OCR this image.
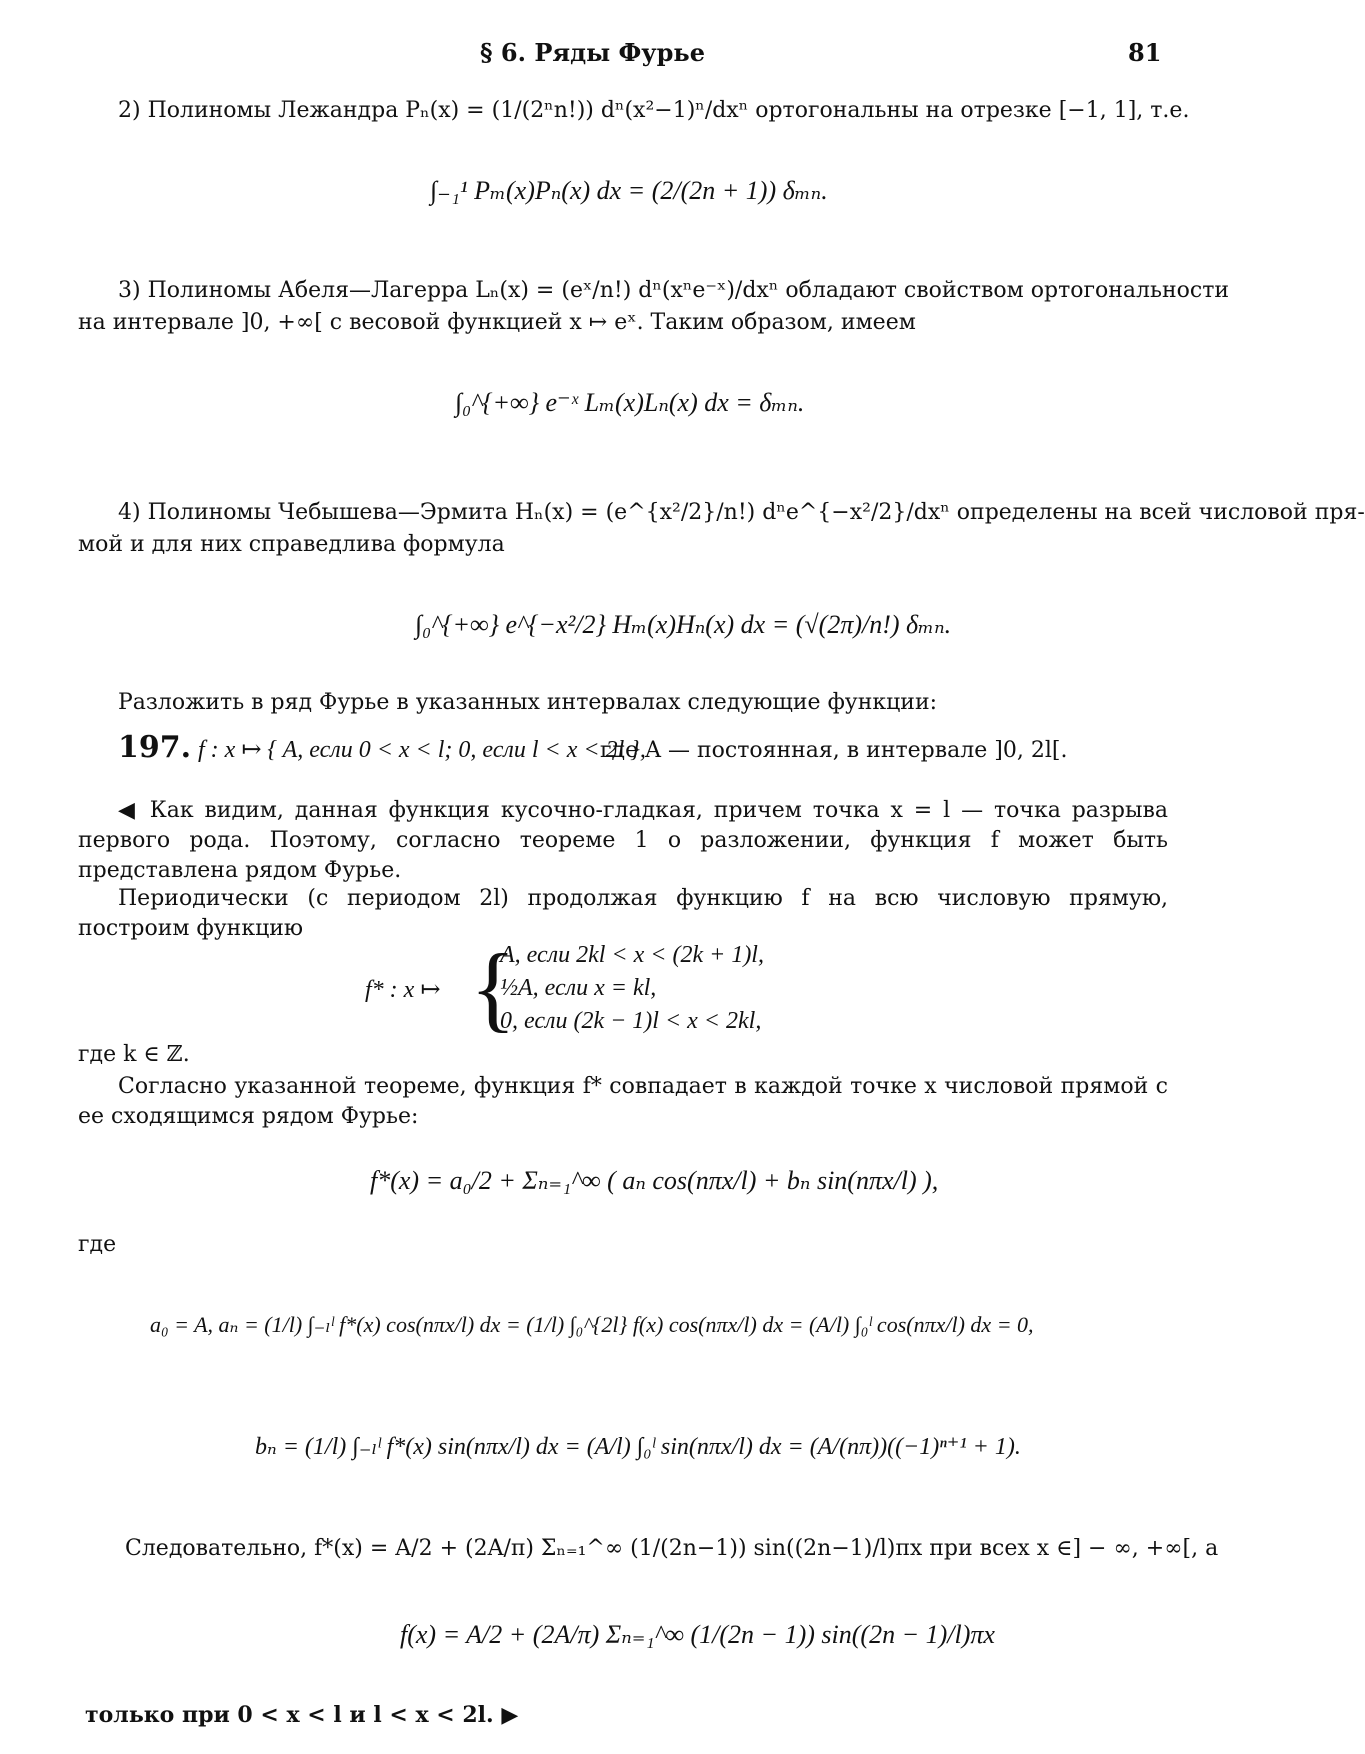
§ 6. Ряды Фурье	81
2) Полиномы Лежандра Pₙ(x) = (1/(2ⁿn!)) dⁿ(x²−1)ⁿ/dxⁿ ортогональны на отрезке [−1, 1], т.е.
∫₋₁¹ Pₘ(x)Pₙ(x) dx = (2/(2n + 1)) δₘₙ.
3) Полиномы Абеля—Лагерра Lₙ(x) = (eˣ/n!) dⁿ(xⁿe⁻ˣ)/dxⁿ обладают свойством ортогональности
на интервале ]0, +∞[ с весовой функцией x ↦ eˣ. Таким образом, имеем
∫₀^{+∞} e⁻ˣ Lₘ(x)Lₙ(x) dx = δₘₙ.
4) Полиномы Чебышева—Эрмита Hₙ(x) = (e^{x²/2}/n!) dⁿe^{−x²/2}/dxⁿ определены на всей числовой пря-
мой и для них справедлива формула
∫₀^{+∞} e^{−x²/2} Hₘ(x)Hₙ(x) dx = (√(2π)/n!) δₘₙ.
Разложить в ряд Фурье в указанных интервалах следующие функции:
197. f : x ↦ { A, если 0 < x < l; 0, если l < x < 2l },
где A — постоянная, в интервале ]0, 2l[.
◀ Как видим, данная функция кусочно-гладкая, причем точка x = l — точка разрыва первого рода. Поэтому, согласно теореме 1 о разложении, функция f может быть представлена рядом Фурье.
Периодически (с периодом 2l) продолжая функцию f на всю числовую прямую, построим функцию
f* : x ↦ {
A, если 2kl < x < (2k + 1)l,
½A, если x = kl,
0, если (2k − 1)l < x < 2kl,
где k ∈ ℤ.
Согласно указанной теореме, функция f* совпадает в каждой точке x числовой прямой с ее сходящимся рядом Фурье:
f*(x) = a₀/2 + Σₙ₌₁^∞ ( aₙ cos(nπx/l) + bₙ sin(nπx/l) ),
где
a₀ = A, aₙ = (1/l) ∫₋ₗˡ f*(x) cos(nπx/l) dx = (1/l) ∫₀^{2l} f(x) cos(nπx/l) dx = (A/l) ∫₀ˡ cos(nπx/l) dx = 0,
bₙ = (1/l) ∫₋ₗˡ f*(x) sin(nπx/l) dx = (A/l) ∫₀ˡ sin(nπx/l) dx = (A/(nπ))((−1)ⁿ⁺¹ + 1).
Следовательно, f*(x) = A/2 + (2A/π) Σₙ₌₁^∞ (1/(2n−1)) sin((2n−1)/l)πx при всех x ∈] − ∞, +∞[, а
f(x) = A/2 + (2A/π) Σₙ₌₁^∞ (1/(2n − 1)) sin((2n − 1)/l)πx
только при 0 < x < l и l < x < 2l. ▶
